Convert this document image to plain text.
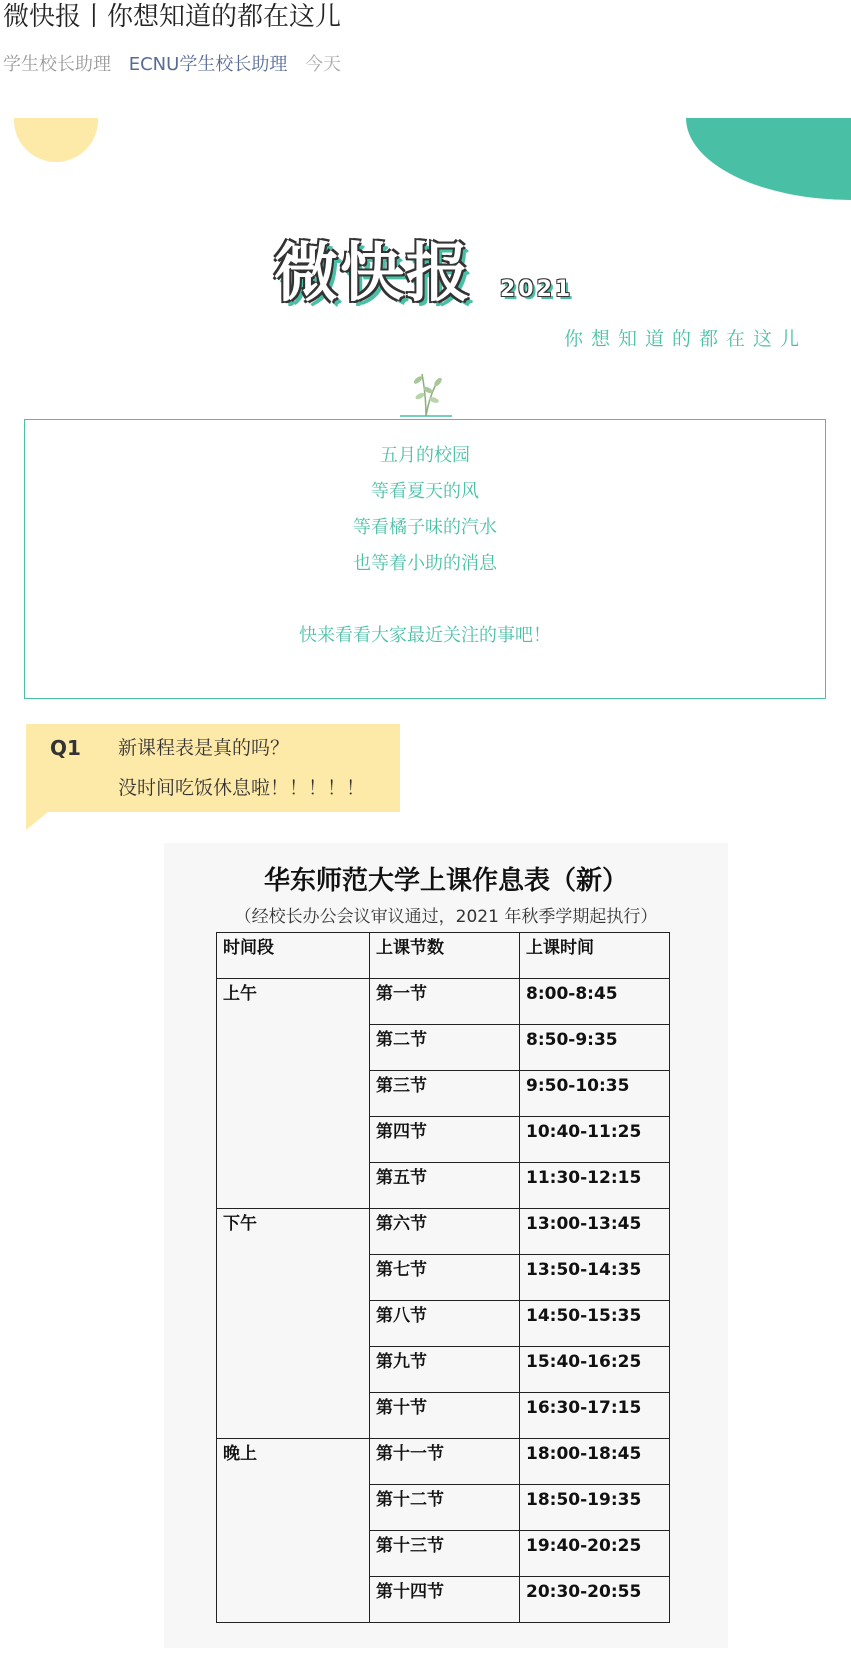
微快报丨你想知道的都在这儿
学生校长助理 ECNU学生校长助理 今天
微快报 2021
你想知道的都在这儿
五月的校园
等看夏天的风
等看橘子味的汽水
也等着小助的消息
快来看看大家最近关注的事吧！
Q1 新课程表是真的吗？
没时间吃饭休息啦！！！！！
华东师范大学上课作息表（新）
（经校长办公会议审议通过，2021 年秋季学期起执行）
时间段	上课节数	上课时间
上午	第一节	8:00-8:45
	第二节	8:50-9:35
	第三节	9:50-10:35
	第四节	10:40-11:25
	第五节	11:30-12:15
下午	第六节	13:00-13:45
	第七节	13:50-14:35
	第八节	14:50-15:35
	第九节	15:40-16:25
	第十节	16:30-17:15
晚上	第十一节	18:00-18:45
	第十二节	18:50-19:35
	第十三节	19:40-20:25
	第十四节	20:30-20:55
